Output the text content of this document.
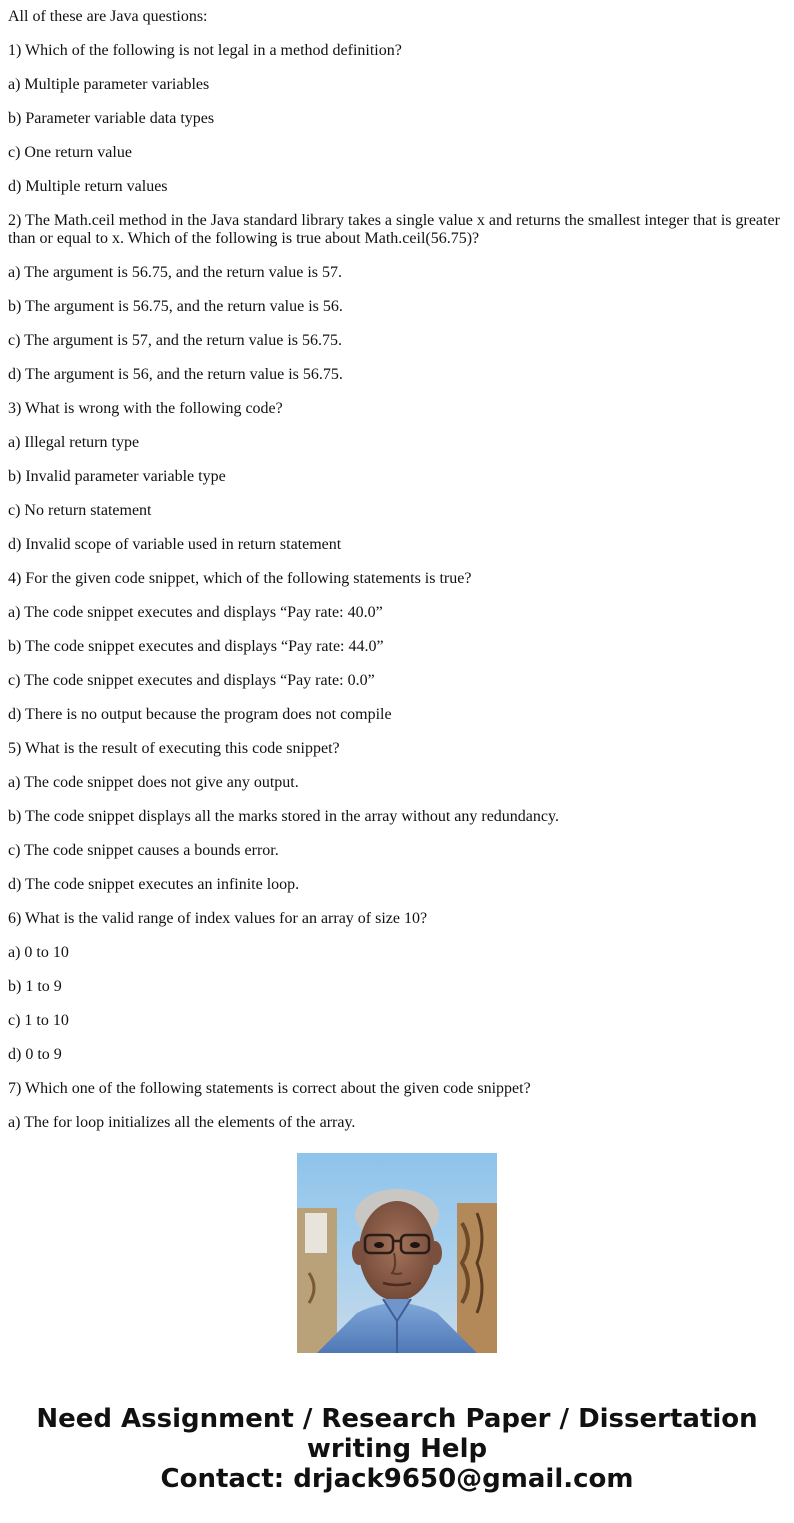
All of these are Java questions:

1) Which of the following is not legal in a method definition?

a) Multiple parameter variables

b) Parameter variable data types

c) One return value

d) Multiple return values

2) The Math.ceil method in the Java standard library takes a single value x and returns the smallest integer that is greater than or equal to x. Which of the following is true about Math.ceil(56.75)?

a) The argument is 56.75, and the return value is 57.

b) The argument is 56.75, and the return value is 56.

c) The argument is 57, and the return value is 56.75.

d) The argument is 56, and the return value is 56.75.

3) What is wrong with the following code?

a) Illegal return type

b) Invalid parameter variable type

c) No return statement

d) Invalid scope of variable used in return statement

4) For the given code snippet, which of the following statements is true?

a) The code snippet executes and displays “Pay rate: 40.0”

b) The code snippet executes and displays “Pay rate: 44.0”

c) The code snippet executes and displays “Pay rate: 0.0”

d) There is no output because the program does not compile

5) What is the result of executing this code snippet?

a) The code snippet does not give any output.

b) The code snippet displays all the marks stored in the array without any redundancy.

c) The code snippet causes a bounds error.

d) The code snippet executes an infinite loop.

6) What is the valid range of index values for an array of size 10?

a) 0 to 10

b) 1 to 9

c) 1 to 10

d) 0 to 9

7) Which one of the following statements is correct about the given code snippet?

a) The for loop initializes all the elements of the array.

Need Assignment / Research Paper / Dissertation
writing Help
Contact: drjack9650@gmail.com
